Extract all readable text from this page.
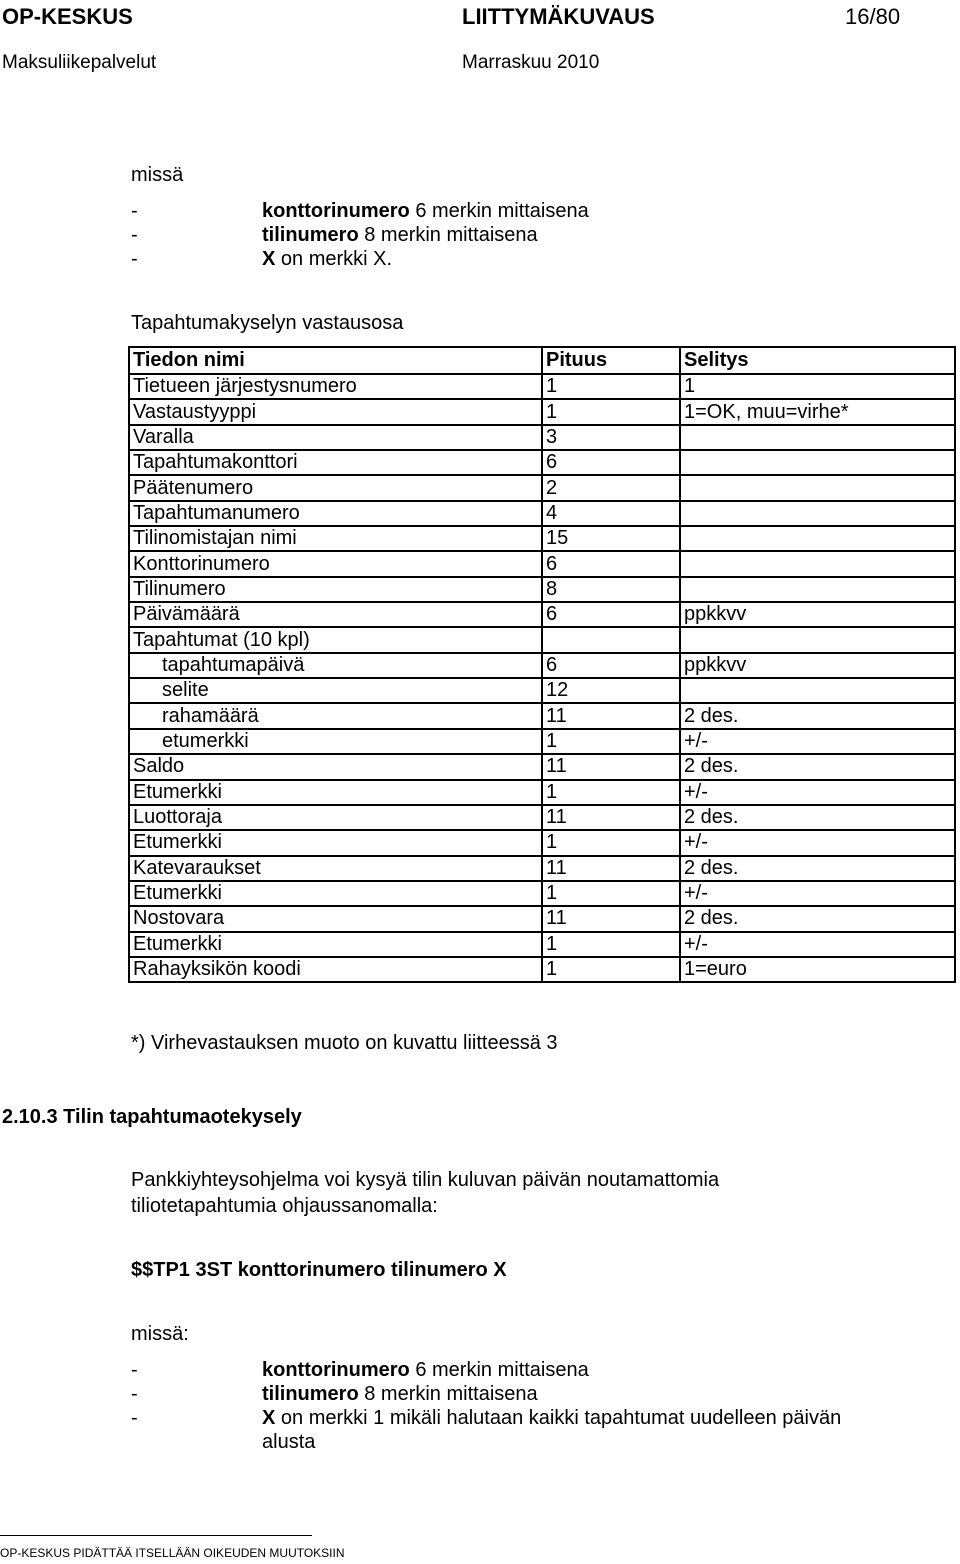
OP-KESKUS	LIITTYMÄKUVAUS	16/80
Maksuliikepalvelut	Marraskuu 2010
missä
-	konttorinumero 6 merkin mittaisena
-	tilinumero 8 merkin mittaisena
-	X on merkki X.
Tapahtumakyselyn vastausosa
Tiedon nimi	Pituus	Selitys
Tietueen järjestysnumero	1	1
Vastaustyyppi	1	1=OK, muu=virhe*
Varalla	3	
Tapahtumakonttori	6	
Päätenumero	2	
Tapahtumanumero	4	
Tilinomistajan nimi	15	
Konttorinumero	6	
Tilinumero	8	
Päivämäärä	6	ppkkvv
Tapahtumat (10 kpl)		
tapahtumapäivä	6	ppkkvv
selite	12	
rahamäärä	11	2 des.
etumerkki	1	+/-
Saldo	11	2 des.
Etumerkki	1	+/-
Luottoraja	11	2 des.
Etumerkki	1	+/-
Katevaraukset	11	2 des.
Etumerkki	1	+/-
Nostovara	11	2 des.
Etumerkki	1	+/-
Rahayksikön koodi	1	1=euro
*) Virhevastauksen muoto on kuvattu liitteessä 3
2.10.3 Tilin tapahtumaotekysely
Pankkiyhteysohjelma voi kysyä tilin kuluvan päivän noutamattomia
tiliotetapahtumia ohjaussanomalla:
$$TP1 3ST konttorinumero tilinumero X
missä:
-	konttorinumero 6 merkin mittaisena
-	tilinumero 8 merkin mittaisena
-	X on merkki 1 mikäli halutaan kaikki tapahtumat uudelleen päivän
alusta
OP-KESKUS PIDÄTTÄÄ ITSELLÄÄN OIKEUDEN MUUTOKSIIN
